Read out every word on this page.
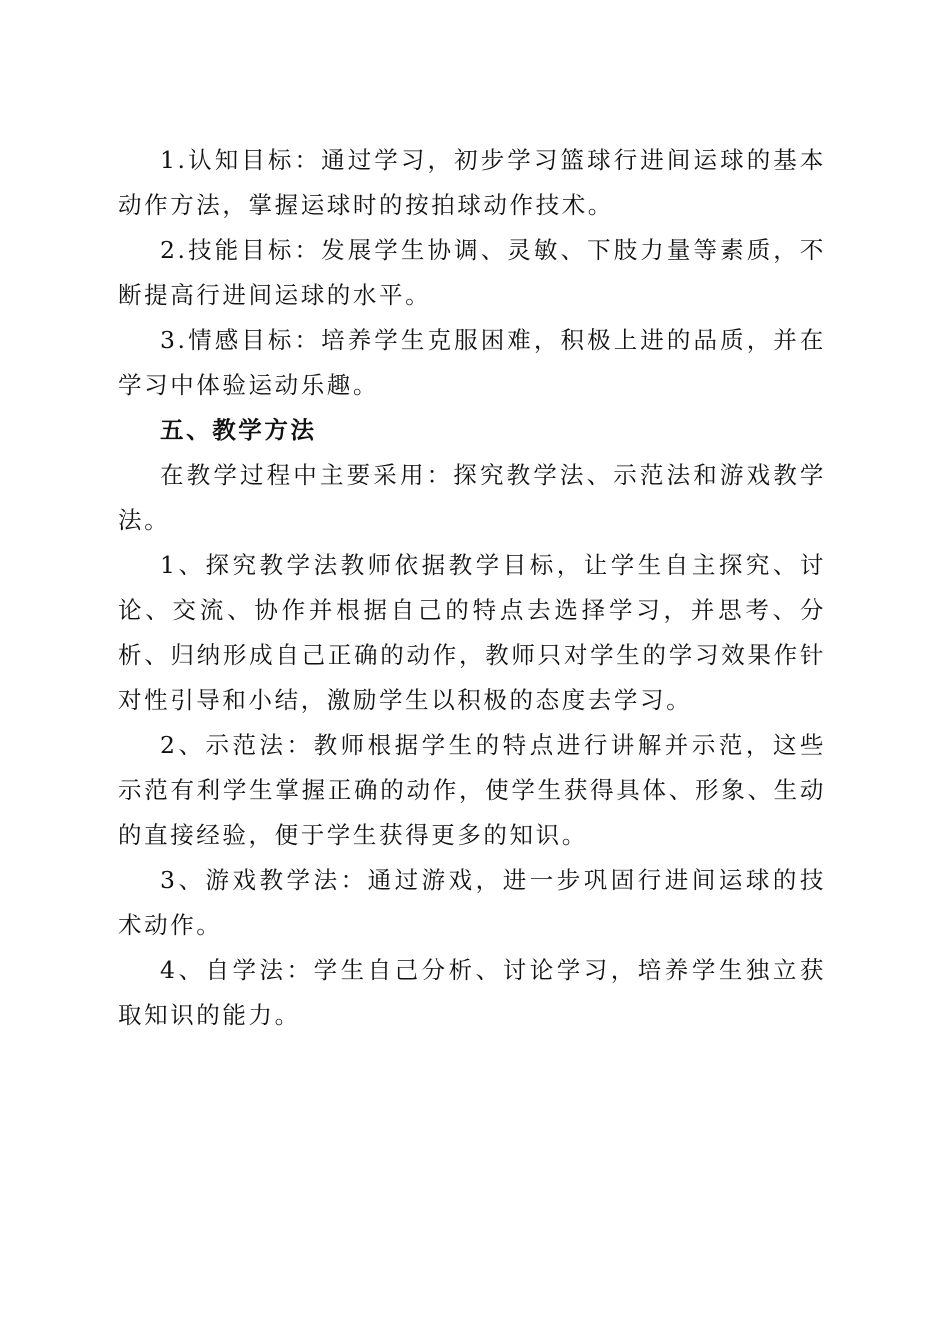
1.认知目标：通过学习，初步学习篮球行进间运球的基本动作方法，掌握运球时的按拍球动作技术。

2.技能目标：发展学生协调、灵敏、下肢力量等素质，不断提高行进间运球的水平。

3.情感目标：培养学生克服困难，积极上进的品质，并在学习中体验运动乐趣。

五、教学方法

在教学过程中主要采用：探究教学法、示范法和游戏教学法。

1、探究教学法教师依据教学目标，让学生自主探究、讨论、交流、协作并根据自己的特点去选择学习，并思考、分析、归纳形成自己正确的动作，教师只对学生的学习效果作针对性引导和小结，激励学生以积极的态度去学习。

2、示范法：教师根据学生的特点进行讲解并示范，这些示范有利学生掌握正确的动作，使学生获得具体、形象、生动的直接经验，便于学生获得更多的知识。

3、游戏教学法：通过游戏，进一步巩固行进间运球的技术动作。

4、自学法：学生自己分析、讨论学习，培养学生独立获取知识的能力。
